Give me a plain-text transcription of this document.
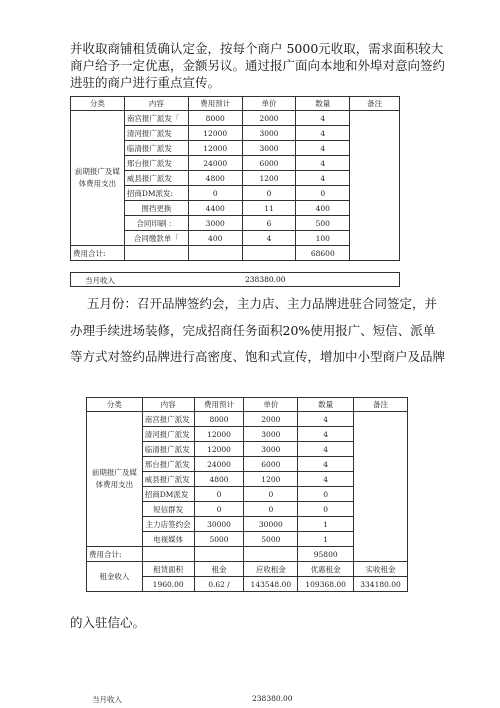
并收取商铺租赁确认定金，按每个商户 5000元收取，需求面积较大
商户给予一定优惠，金额另议。通过报广面向本地和外埠对意向签约
进驻的商户进行重点宣传。
分类	内容	费用预计	单价	数量	备注
前期报广及媒体费用支出	南宫报广派发「	8000	2000	4	
	清河报广派发	12000	3000	4	
	临清报广派发	12000	3000	4	
	邢台报广派发	24000	6000	4	
	威县报广派发	4800	1200	4	
	招商DM派发:	0	0	0	
	围挡更换	4400	11	400	
	合同印刷 ：	3000	6	500	
	合同缴款单「	400	4	100	
费用合计:				68600	
当月收入	238380.00
五月份：召开品牌签约会，主力店、主力品牌进驻合同签定，并
办理手续进场装修，完成招商任务面积20%使用报广、短信、派单
等方式对签约品牌进行高密度、饱和式宣传，增加中小型商户及品牌
分类	内容	费用预计	单价	数量	备注
前期报广及媒体费用支出	南宫报广派发	8000	2000	4	
	清河报广派发	12000	3000	4	
	临清报广派发	12000	3000	4	
	邢台报广派发	24000	6000	4	
	威县报广派发	4800	1200	4	
	招商DM派发	0	0	0	
	短信群发	0	0	0	
	主力店签约会	30000	30000	1	
	电视媒体	5000	5000	1	
费用合计:				95800	
租金收入	租赁面积	租金	应收租金	优惠租金	实收租金
	1960.00	0.62 /	143548.00	109368.00	334180.00
的入驻信心。
当月收入	238380.00
